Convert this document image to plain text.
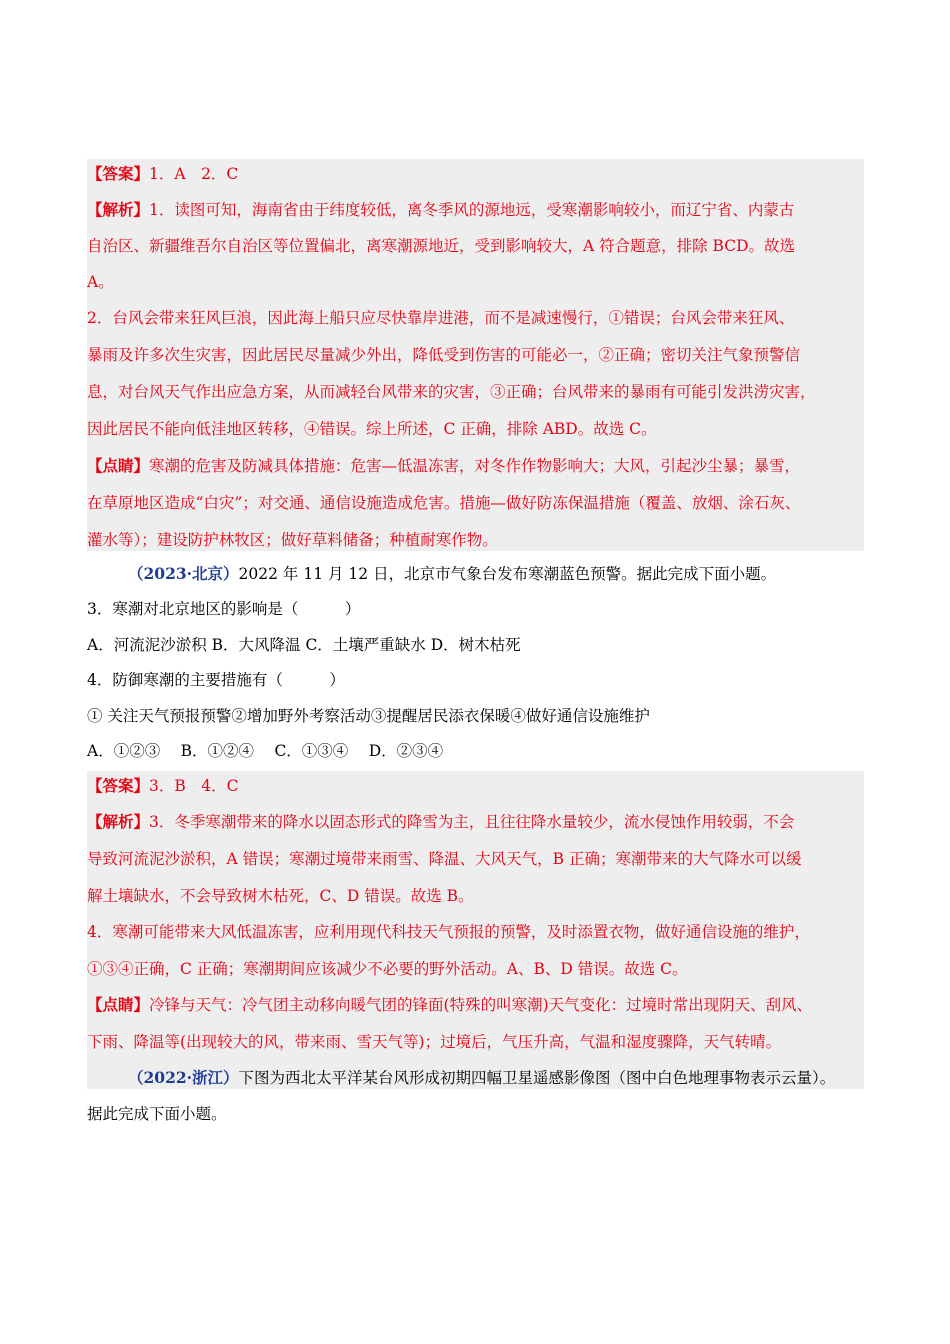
【答案】1．A　2．C
【解析】1．读图可知，海南省由于纬度较低，离冬季风的源地远，受寒潮影响较小，而辽宁省、内蒙古
自治区、新疆维吾尔自治区等位置偏北，离寒潮源地近，受到影响较大，A 符合题意，排除 BCD。故选
A。
2．台风会带来狂风巨浪，因此海上船只应尽快靠岸进港，而不是减速慢行，①错误；台风会带来狂风、
暴雨及许多次生灾害，因此居民尽量减少外出，降低受到伤害的可能必一，②正确；密切关注气象预警信
息，对台风天气作出应急方案，从而减轻台风带来的灾害，③正确；台风带来的暴雨有可能引发洪涝灾害，
因此居民不能向低洼地区转移，④错误。综上所述，C 正确，排除 ABD。故选 C。
【点睛】寒潮的危害及防减具体措施：危害—低温冻害，对冬作作物影响大；大风，引起沙尘暴；暴雪，
在草原地区造成“白灾”；对交通、通信设施造成危害。措施—做好防冻保温措施（覆盖、放烟、涂石灰、
灌水等）；建设防护林牧区；做好草料储备；种植耐寒作物。
（2023·北京）2022 年 11 月 12 日，北京市气象台发布寒潮蓝色预警。据此完成下面小题。
3．寒潮对北京地区的影响是（　　　）
A．河流泥沙淤积 B．大风降温 C．土壤严重缺水 D．树木枯死
4．防御寒潮的主要措施有（　　　）
① 关注天气预报预警②增加野外考察活动③提醒居民添衣保暖④做好通信设施维护
A．①②③　 B．①②④　 C．①③④　 D．②③④
【答案】3．B　4．C
【解析】3．冬季寒潮带来的降水以固态形式的降雪为主，且往往降水量较少，流水侵蚀作用较弱，不会
导致河流泥沙淤积，A 错误；寒潮过境带来雨雪、降温、大风天气，B 正确；寒潮带来的大气降水可以缓
解土壤缺水，不会导致树木枯死，C、D 错误。故选 B。
4．寒潮可能带来大风低温冻害，应利用现代科技天气预报的预警，及时添置衣物，做好通信设施的维护，
①③④正确，C 正确；寒潮期间应该减少不必要的野外活动。A、B、D 错误。故选 C。
【点睛】冷锋与天气：冷气团主动移向暖气团的锋面(特殊的叫寒潮)天气变化：过境时常出现阴天、刮风、
下雨、降温等(出现较大的风，带来雨、雪天气等)；过境后，气压升高，气温和湿度骤降，天气转晴。
（2022·浙江）下图为西北太平洋某台风形成初期四幅卫星遥感影像图（图中白色地理事物表示云量）。
据此完成下面小题。
